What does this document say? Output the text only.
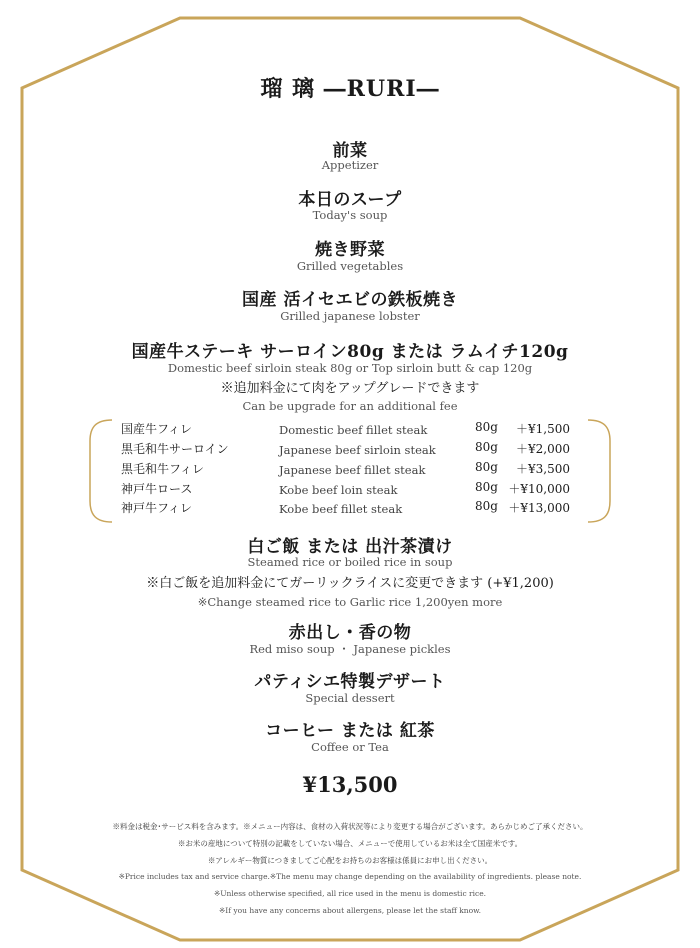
瑠 璃 ―RURI―
前菜
Appetizer
本日のスープ
Today's soup
焼き野菜
Grilled vegetables
国産 活イセエビの鉄板焼き
Grilled japanese lobster
国産牛ステーキ サーロイン80g または ラムイチ120g
Domestic beef sirloin steak 80g or Top sirloin butt & cap 120g
※追加料金にて肉をアップグレードできます
Can be upgrade for an additional fee
国産牛フィレ	Domestic beef fillet steak	80g ＋¥1,500
黒毛和牛サーロイン	Japanese beef sirloin steak	80g ＋¥2,000
黒毛和牛フィレ	Japanese beef fillet steak	80g ＋¥3,500
神戸牛ロース	Kobe beef loin steak	80g ＋¥10,000
神戸牛フィレ	Kobe beef fillet steak	80g ＋¥13,000
白ご飯 または 出汁茶漬け
Steamed rice or boiled rice in soup
※白ご飯を追加料金にてガーリックライスに変更できます (+¥1,200)
※Change steamed rice to Garlic rice 1,200yen more
赤出し・香の物
Red miso soup ・ Japanese pickles
パティシエ特製デザート
Special dessert
コーヒー または 紅茶
Coffee or Tea
¥13,500
※料金は税金･サービス料を含みます。※メニュー内容は、食材の入荷状況等により変更する場合がございます。あらかじめご了承ください。
※お米の産地について特別の記載をしていない場合、メニューで使用しているお米は全て国産米です。
※アレルギー物質につきましてご心配をお持ちのお客様は係員にお申し出ください。
※Price includes tax and service charge.※The menu may change depending on the availability of ingredients. please note.
※Unless otherwise specified, all rice used in the menu is domestic rice.
※If you have any concerns about allergens, please let the staff know.
